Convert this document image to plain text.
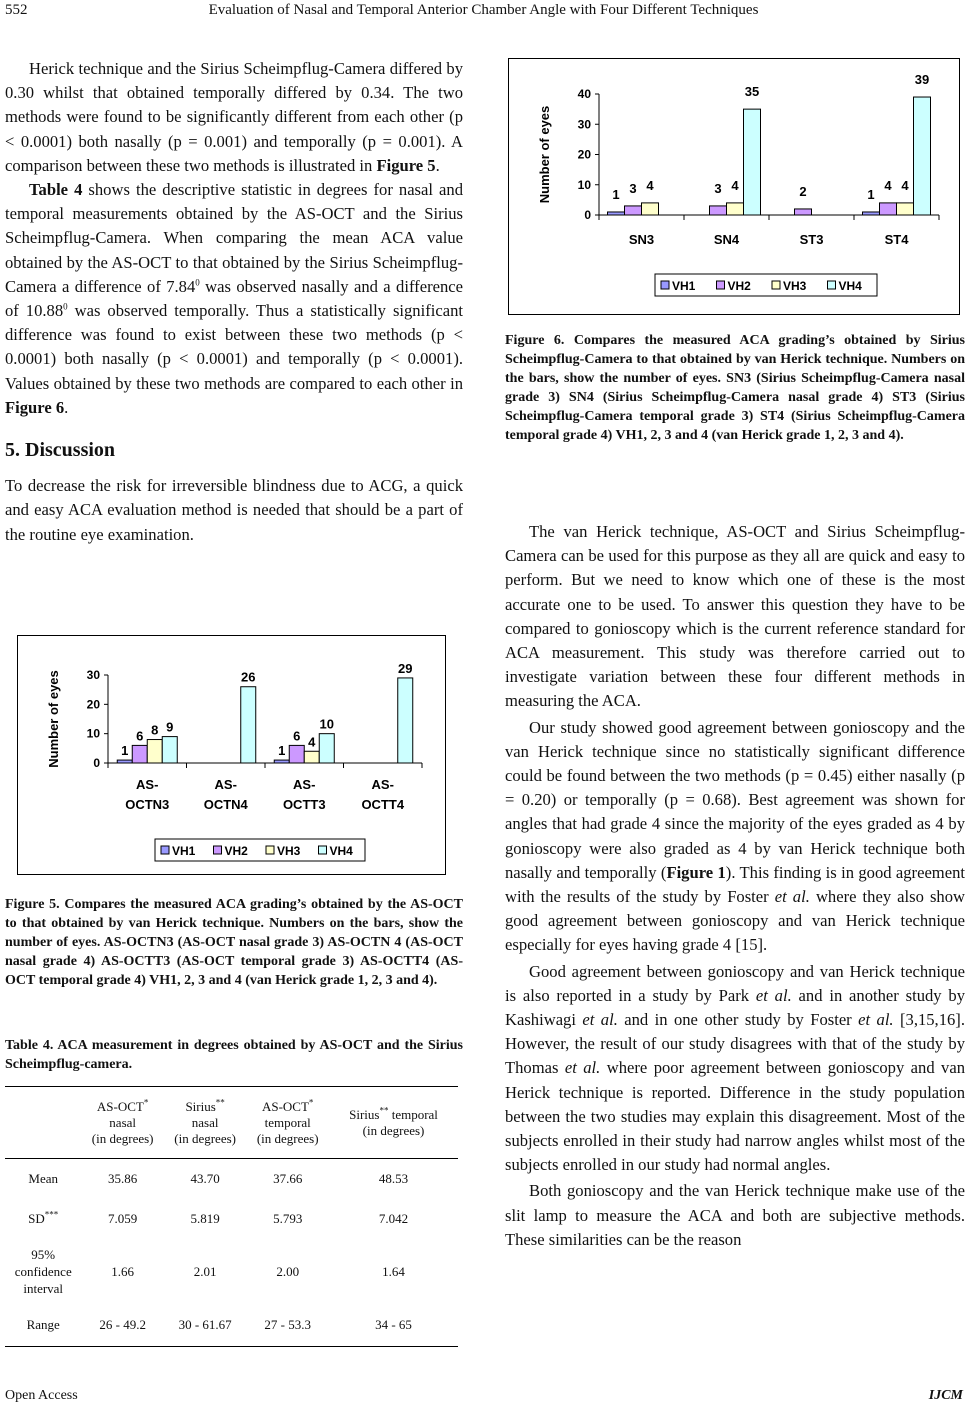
552	Evaluation of Nasal and Temporal Anterior Chamber Angle with Four Different Techniques

Herick technique and the Sirius Scheimpflug-Camera differed by 0.30 whilst that obtained temporally differed by 0.34. The two methods were found to be significantly different from each other (p < 0.0001) both nasally (p = 0.001) and temporally (p = 0.001). A comparison between these two methods is illustrated in Figure 5.

Table 4 shows the descriptive statistic in degrees for nasal and temporal measurements obtained by the AS-OCT and the Sirius Scheimpflug-Camera. When comparing the mean ACA value obtained by the AS-OCT to that obtained by the Sirius Scheimpflug-Camera a difference of 7.84$^0$ was observed nasally and a difference of 10.88$^0$ was observed temporally. Thus a statistically significant difference was found to exist between these two methods (p < 0.0001) both nasally (p < 0.0001) and temporally (p < 0.0001). Values obtained by these two methods are compared to each other in Figure 6.

5. Discussion

To decrease the risk for irreversible blindness due to ACG, a quick and easy ACA evaluation method is needed that should be a part of the routine eye examination.

0
10
20
30
Number of eyes	1
6 8 9
AS-
OCTN3
26
AS-
OCTN4
1
6 4
10
AS-
OCTT3
29
AS-
OCTT4
VH1 VH2 VH3 VH4
Figure 5. Compares the measured ACA grading’s obtained by the AS-OCT to that obtained by van Herick technique. Numbers on the bars, show the number of eyes. AS-OCTN3 (AS-OCT nasal grade 3) AS-OCTN 4 (AS-OCT nasal grade 4) AS-OCTT3 (AS-OCT temporal grade 3) AS-OCTT4 (AS-OCT temporal grade 4) VH1, 2, 3 and 4 (van Herick grade 1, 2, 3 and 4).
Table 4. ACA measurement in degrees obtained by AS-OCT and the Sirius Scheimpflug-camera.
	AS-OCT*
nasal
(in degrees)	Sirius**
nasal
(in degrees)	AS-OCT*
temporal
(in degrees)	Sirius** temporal
(in degrees)
Mean	35.86	43.70	37.66	48.53
SD***	7.059	5.819	5.793	7.042
95% confidence interval	1.66	2.01	2.00	1.64
Range	26 - 49.2	30 - 61.67	27 - 53.3	34 - 65
0
10
20
30
40
Number of eyes	1 3 4
SN3
3 4
35
SN4
2
ST3
1
4 4
39
ST4
VH1	VH2	VH3	VH4
Figure 6. Compares the measured ACA grading’s obtained by Sirius Scheimpflug-Camera to that obtained by van Herick technique. Numbers on the bars, show the number of eyes. SN3 (Sirius Scheimpflug-Camera nasal grade 3) SN4 (Sirius Scheimpflug-Camera nasal grade 4) ST3 (Sirius Scheimpflug-Camera temporal grade 3) ST4 (Sirius Scheimpflug-Camera temporal grade 4) VH1, 2, 3 and 4 (van Herick grade 1, 2, 3 and 4).

The van Herick technique, AS-OCT and Sirius Scheimpflug-Camera can be used for this purpose as they all are quick and easy to perform. But we need to know which one of these is the most accurate one to be used. To answer this question they have to be compared to gonioscopy which is the current reference standard for ACA measurement. This study was therefore carried out to investigate variation between these four different methods in measuring the ACA.

Our study showed good agreement between gonioscopy and the van Herick technique since no statistically significant difference could be found between the two methods (p = 0.45) either nasally (p = 0.20) or temporally (p = 0.68). Best agreement was shown for angles that had grade 4 since the majority of the eyes graded as 4 by gonioscopy were also graded as 4 by van Herick technique both nasally and temporally (Figure 1). This finding is in good agreement with the results of the study by Foster et al. where they also show good agreement between gonioscopy and van Herick technique especially for eyes having grade 4 [15].

Good agreement between gonioscopy and van Herick technique is also reported in a study by Park et al. and in another study by Kashiwagi et al. and in one other study by Foster et al. [3,15,16]. However, the result of our study disagrees with that of the study by Thomas et al. where poor agreement between gonioscopy and van Herick technique is reported. Difference in the study population between the two studies may explain this disagreement. Most of the subjects enrolled in their study had narrow angles whilst most of the subjects enrolled in our study had normal angles.

Both gonioscopy and the van Herick technique make use of the slit lamp to measure the ACA and both are subjective methods. These similarities can be the reason

Open Access	IJCM
